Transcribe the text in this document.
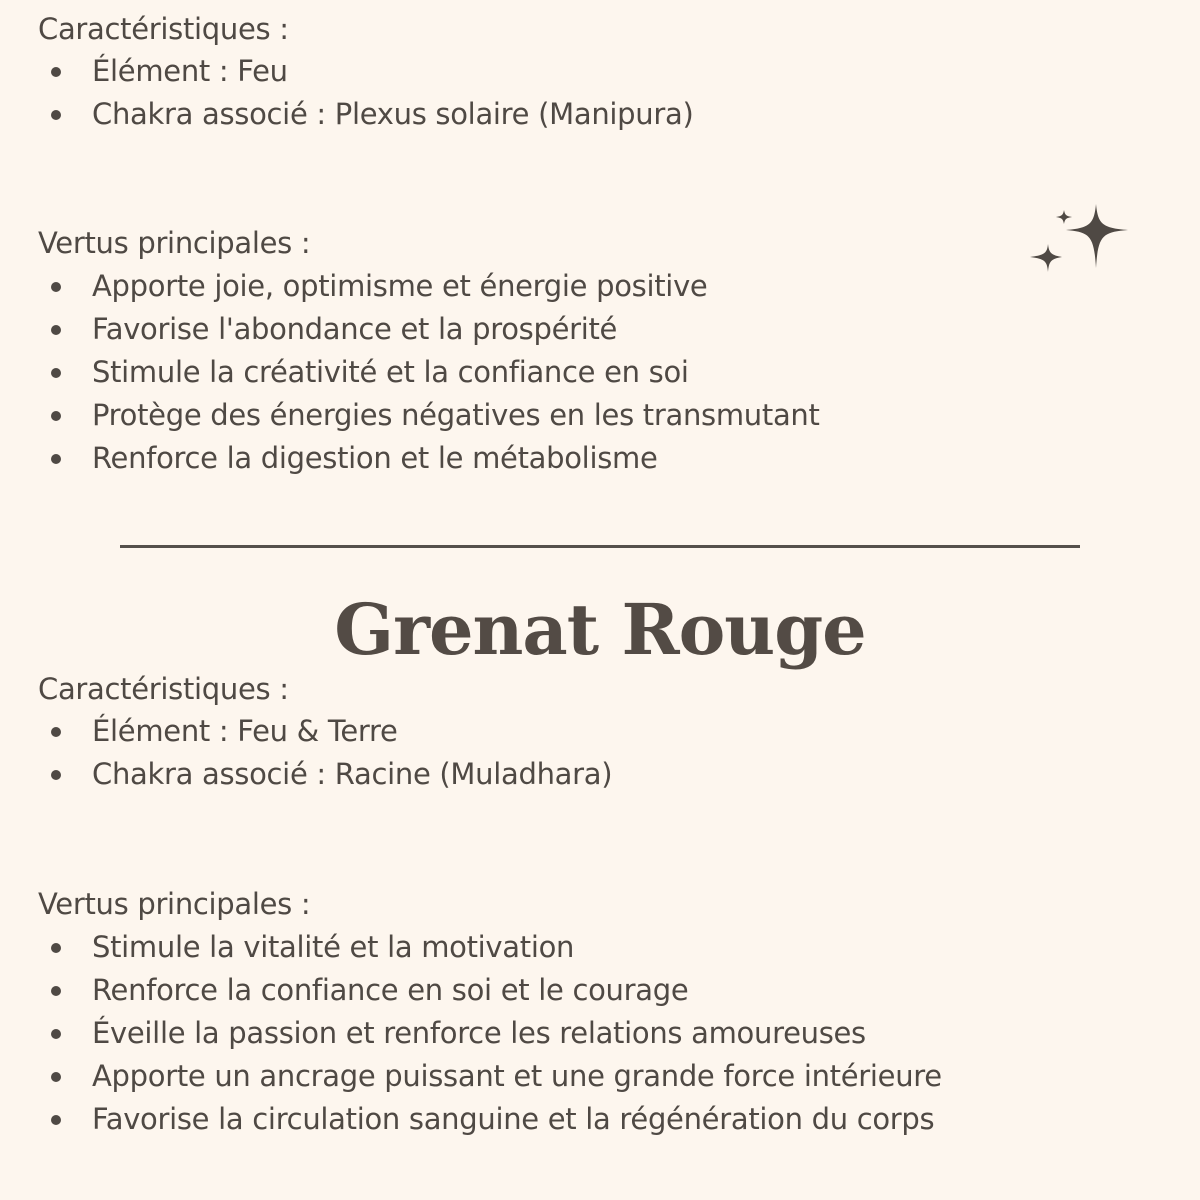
Caractéristiques :

Élément : Feu
Chakra associé : Plexus solaire (Manipura)

Vertus principales :

Apporte joie, optimisme et énergie positive
Favorise l'abondance et la prospérité
Stimule la créativité et la confiance en soi
Protège des énergies négatives en les transmutant
Renforce la digestion et le métabolisme
Grenat Rouge

Caractéristiques :

Élément : Feu & Terre
Chakra associé : Racine (Muladhara)

Vertus principales :

Stimule la vitalité et la motivation
Renforce la confiance en soi et le courage
Éveille la passion et renforce les relations amoureuses
Apporte un ancrage puissant et une grande force intérieure
Favorise la circulation sanguine et la régénération du corps
